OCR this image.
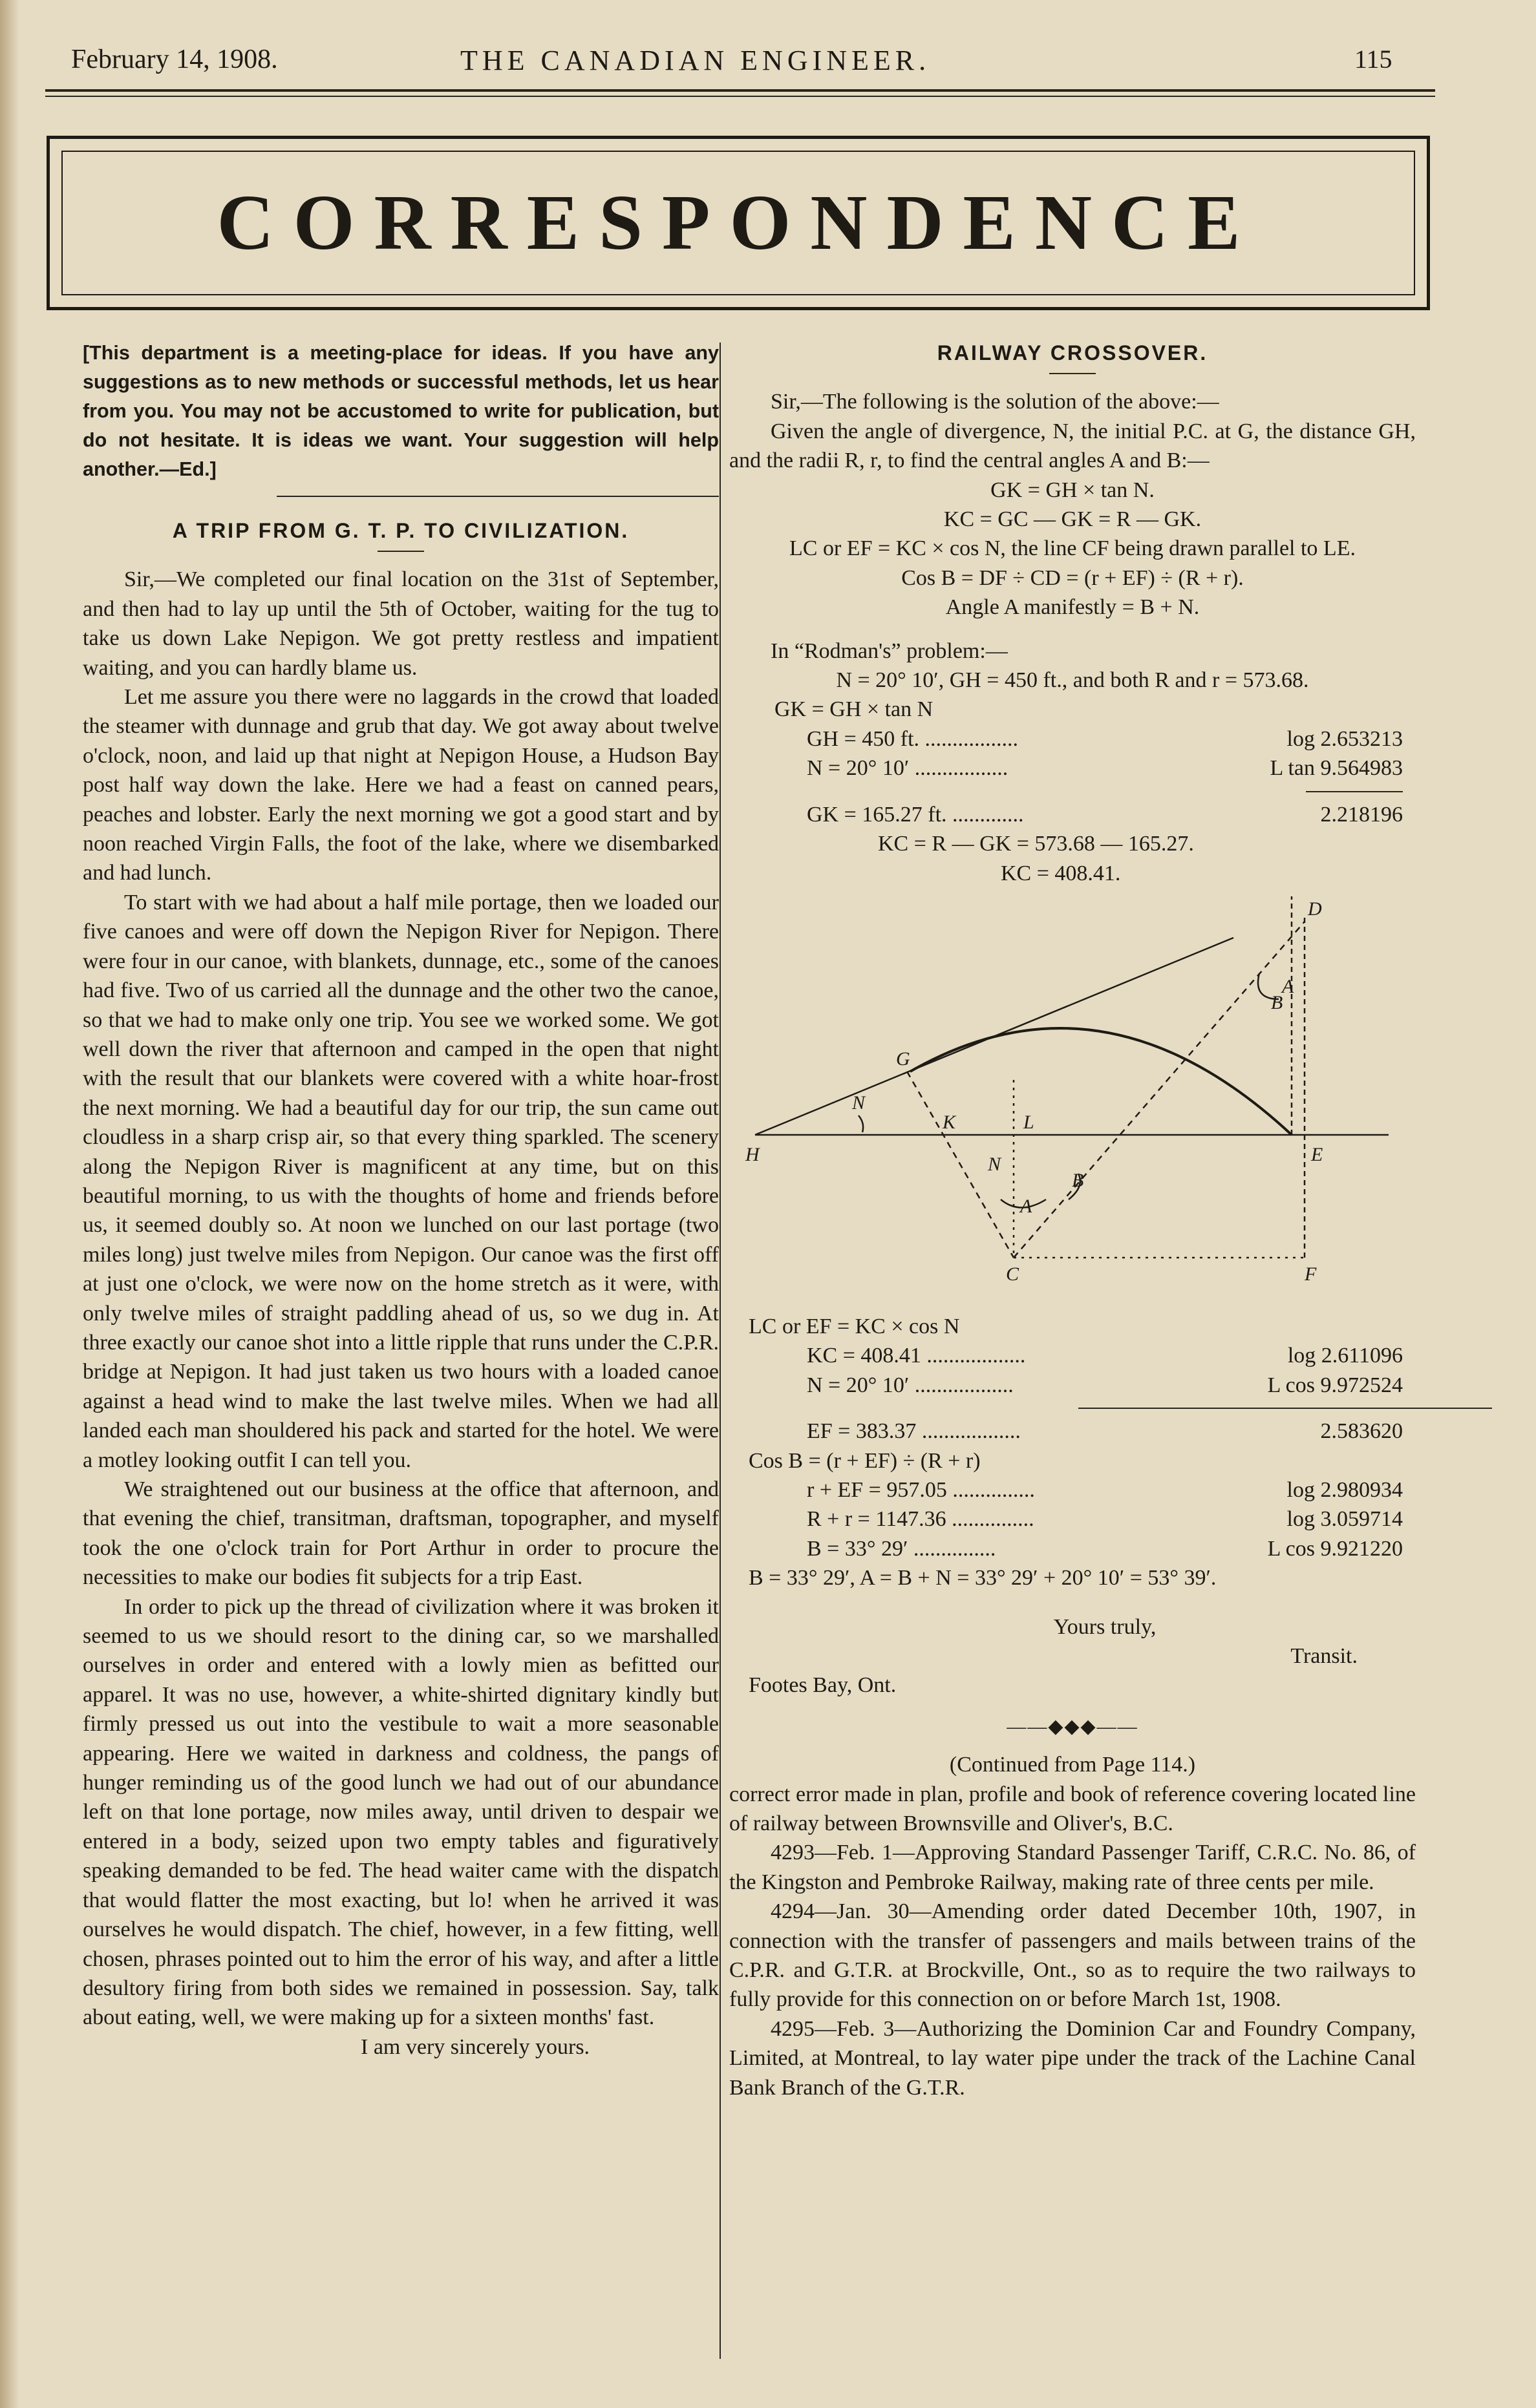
February 14, 1908.	THE CANADIAN ENGINEER.	115
CORRESPONDENCE
[This department is a meeting-place for ideas. If you have any suggestions as to new methods or successful methods, let us hear from you. You may not be accustomed to write for publication, but do not hesitate. It is ideas we want. Your suggestion will help another.—Ed.]
A TRIP FROM G. T. P. TO CIVILIZATION.

Sir,—We completed our final location on the 31st of September, and then had to lay up until the 5th of October, waiting for the tug to take us down Lake Nepigon. We got pretty restless and impatient waiting, and you can hardly blame us.

Let me assure you there were no laggards in the crowd that loaded the steamer with dunnage and grub that day. We got away about twelve o'clock, noon, and laid up that night at Nepigon House, a Hudson Bay post half way down the lake. Here we had a feast on canned pears, peaches and lobster. Early the next morning we got a good start and by noon reached Virgin Falls, the foot of the lake, where we disembarked and had lunch.

To start with we had about a half mile portage, then we loaded our five canoes and were off down the Nepigon River for Nepigon. There were four in our canoe, with blankets, dunnage, etc., some of the canoes had five. Two of us carried all the dunnage and the other two the canoe, so that we had to make only one trip. You see we worked some. We got well down the river that afternoon and camped in the open that night with the result that our blankets were covered with a white hoar-frost the next morning. We had a beautiful day for our trip, the sun came out cloudless in a sharp crisp air, so that every thing sparkled. The scenery along the Nepigon River is magnificent at any time, but on this beautiful morning, to us with the thoughts of home and friends before us, it seemed doubly so. At noon we lunched on our last portage (two miles long) just twelve miles from Nepigon. Our canoe was the first off at just one o'clock, we were now on the home stretch as it were, with only twelve miles of straight paddling ahead of us, so we dug in. At three exactly our canoe shot into a little ripple that runs under the C.P.R. bridge at Nepigon. It had just taken us two hours with a loaded canoe against a head wind to make the last twelve miles. When we had all landed each man shouldered his pack and started for the hotel. We were a motley looking outfit I can tell you.

We straightened out our business at the office that afternoon, and that evening the chief, transitman, draftsman, topographer, and myself took the one o'clock train for Port Arthur in order to procure the necessities to make our bodies fit subjects for a trip East.

In order to pick up the thread of civilization where it was broken it seemed to us we should resort to the dining car, so we marshalled ourselves in order and entered with a lowly mien as befitted our apparel. It was no use, however, a white-shirted dignitary kindly but firmly pressed us out into the vestibule to wait a more seasonable appearing. Here we waited in darkness and coldness, the pangs of hunger reminding us of the good lunch we had out of our abundance left on that lone portage, now miles away, until driven to despair we entered in a body, seized upon two empty tables and figuratively speaking demanded to be fed. The head waiter came with the dispatch that would flatter the most exacting, but lo! when he arrived it was ourselves he would dispatch. The chief, however, in a few fitting, well chosen, phrases pointed out to him the error of his way, and after a little desultory firing from both sides we remained in possession. Say, talk about eating, well, we were making up for a sixteen months' fast.

I am very sincerely yours.
RAILWAY CROSSOVER.

Sir,—The following is the solution of the above:—

Given the angle of divergence, N, the initial P.C. at G, the distance GH, and the radii R, r, to find the central angles A and B:—

GK = GH × tan N.
KC = GC — GK = R — GK.
LC or EF = KC × cos N, the line CF being drawn parallel to LE.
Cos B = DF ÷ CD = (r + EF) ÷ (R + r).
Angle A manifestly = B + N.

In “Rodman's” problem:—

N = 20° 10′, GH = 450 ft., and both R and r = 573.68.
GK = GH × tan N
GH = 450 ft. .................	log 2.653213
N = 20° 10′ .................	L tan 9.564983
GK = 165.27 ft. .............	2.218196
KC = R — GK = 573.68 — 165.27.
KC = 408.41.
D
H
G
N
K	L
A
B
E
C	F
N
A
B
LC or EF = KC × cos N
KC = 408.41 ..................	log 2.611096
N = 20° 10′ ..................	L cos 9.972524
EF = 383.37 ..................	2.583620
Cos B = (r + EF) ÷ (R + r)
r + EF = 957.05 ...............	log 2.980934
R + r = 1147.36 ...............	log 3.059714
B = 33° 29′ ...............	L cos 9.921220
B = 33° 29′, A = B + N = 33° 29′ + 20° 10′ = 53° 39′.
Yours truly,
Transit.
Footes Bay, Ont.
——◆◆◆——
(Continued from Page 114.)

correct error made in plan, profile and book of reference covering located line of railway between Brownsville and Oliver's, B.C.

4293—Feb. 1—Approving Standard Passenger Tariff, C.R.C. No. 86, of the Kingston and Pembroke Railway, making rate of three cents per mile.

4294—Jan. 30—Amending order dated December 10th, 1907, in connection with the transfer of passengers and mails between trains of the C.P.R. and G.T.R. at Brockville, Ont., so as to require the two railways to fully provide for this connection on or before March 1st, 1908.

4295—Feb. 3—Authorizing the Dominion Car and Foundry Company, Limited, at Montreal, to lay water pipe under the track of the Lachine Canal Bank Branch of the G.T.R.
